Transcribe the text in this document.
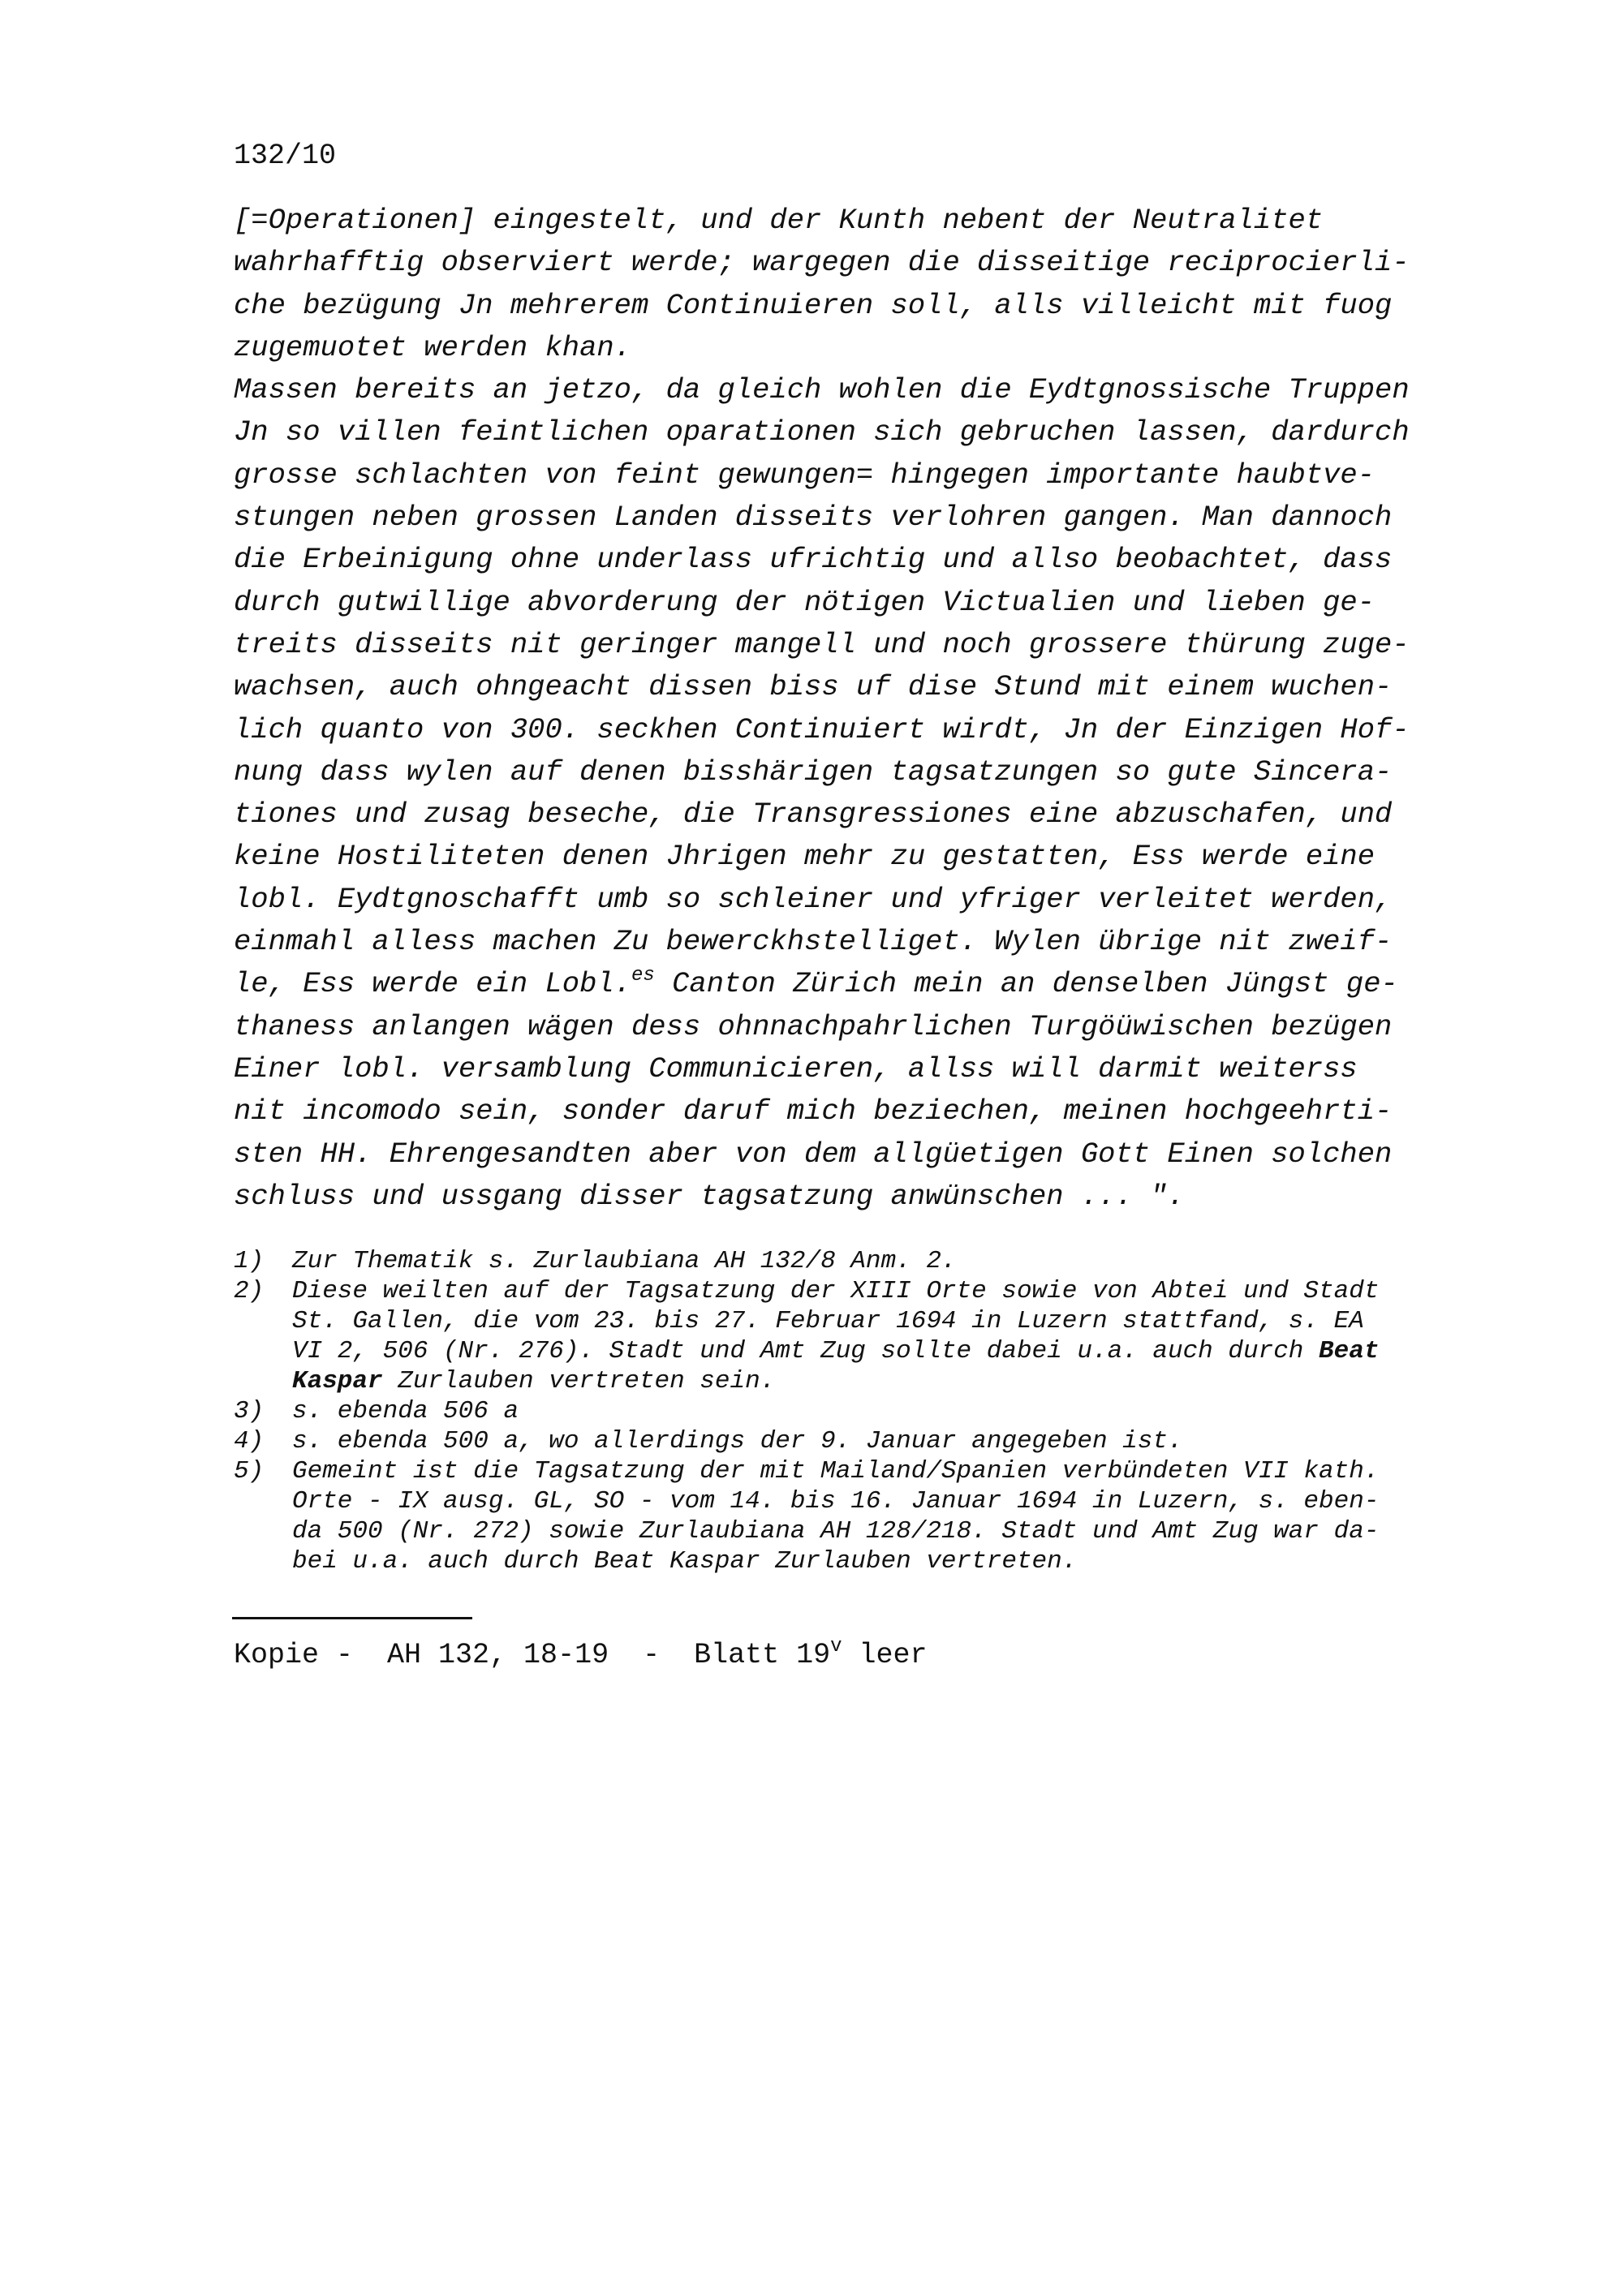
132/10
[=Operationen] eingestelt, und der Kunth nebent der Neutralitet
wahrhafftig observiert werde; wargegen die disseitige reciprocierli-
che bezügung Jn mehrerem Continuieren soll, alls villeicht mit fuog
zugemuotet werden khan.
Massen bereits an jetzo, da gleich wohlen die Eydtgnossische Truppen
Jn so villen feintlichen oparationen sich gebruchen lassen, dardurch
grosse schlachten von feint gewungen= hingegen importante haubtve-
stungen neben grossen Landen disseits verlohren gangen. Man dannoch
die Erbeinigung ohne underlass ufrichtig und allso beobachtet, dass
durch gutwillige abvorderung der nötigen Victualien und lieben ge-
treits disseits nit geringer mangell und noch grossere thürung zuge-
wachsen, auch ohngeacht dissen biss uf dise Stund mit einem wuchen-
lich quanto von 300. seckhen Continuiert wirdt, Jn der Einzigen Hof-
nung dass wylen auf denen bisshärigen tagsatzungen so gute Sincera-
tiones und zusag beseche, die Transgressiones eine abzuschafen, und
keine Hostiliteten denen Jhrigen mehr zu gestatten, Ess werde eine
lobl. Eydtgnoschafft umb so schleiner und yfriger verleitet werden,
einmahl alless machen Zu bewerckhstelliget. Wylen übrige nit zweif-
le, Ess werde ein Lobl.$^{es}$ Canton Zürich mein an denselben Jüngst ge-
thaness anlangen wägen dess ohnnachpahrlichen Turgöüwischen bezügen
Einer lobl. versamblung Communicieren, allss will darmit weiterss
nit incomodo sein, sonder daruf mich beziechen, meinen hochgeehrti-
sten HH. Ehrengesandten aber von dem allgüetigen Gott Einen solchen
schluss und ussgang disser tagsatzung anwünschen ... ".
1) Zur Thematik s. Zurlaubiana AH 132/8 Anm. 2.
2) Diese weilten auf der Tagsatzung der XIII Orte sowie von Abtei und Stadt
St. Gallen, die vom 23. bis 27. Februar 1694 in Luzern stattfand, s. EA
VI 2, 506 (Nr. 276). Stadt und Amt Zug sollte dabei u.a. auch durch Beat
Kaspar Zurlauben vertreten sein.
3) s. ebenda 506 a
4) s. ebenda 500 a, wo allerdings der 9. Januar angegeben ist.
5) Gemeint ist die Tagsatzung der mit Mailand/Spanien verbündeten VII kath.
Orte - IX ausg. GL, SO - vom 14. bis 16. Januar 1694 in Luzern, s. eben-
da 500 (Nr. 272) sowie Zurlaubiana AH 128/218. Stadt und Amt Zug war da-
bei u.a. auch durch Beat Kaspar Zurlauben vertreten.
Kopie -  AH 132, 18-19  -  Blatt 19$^v$ leer
